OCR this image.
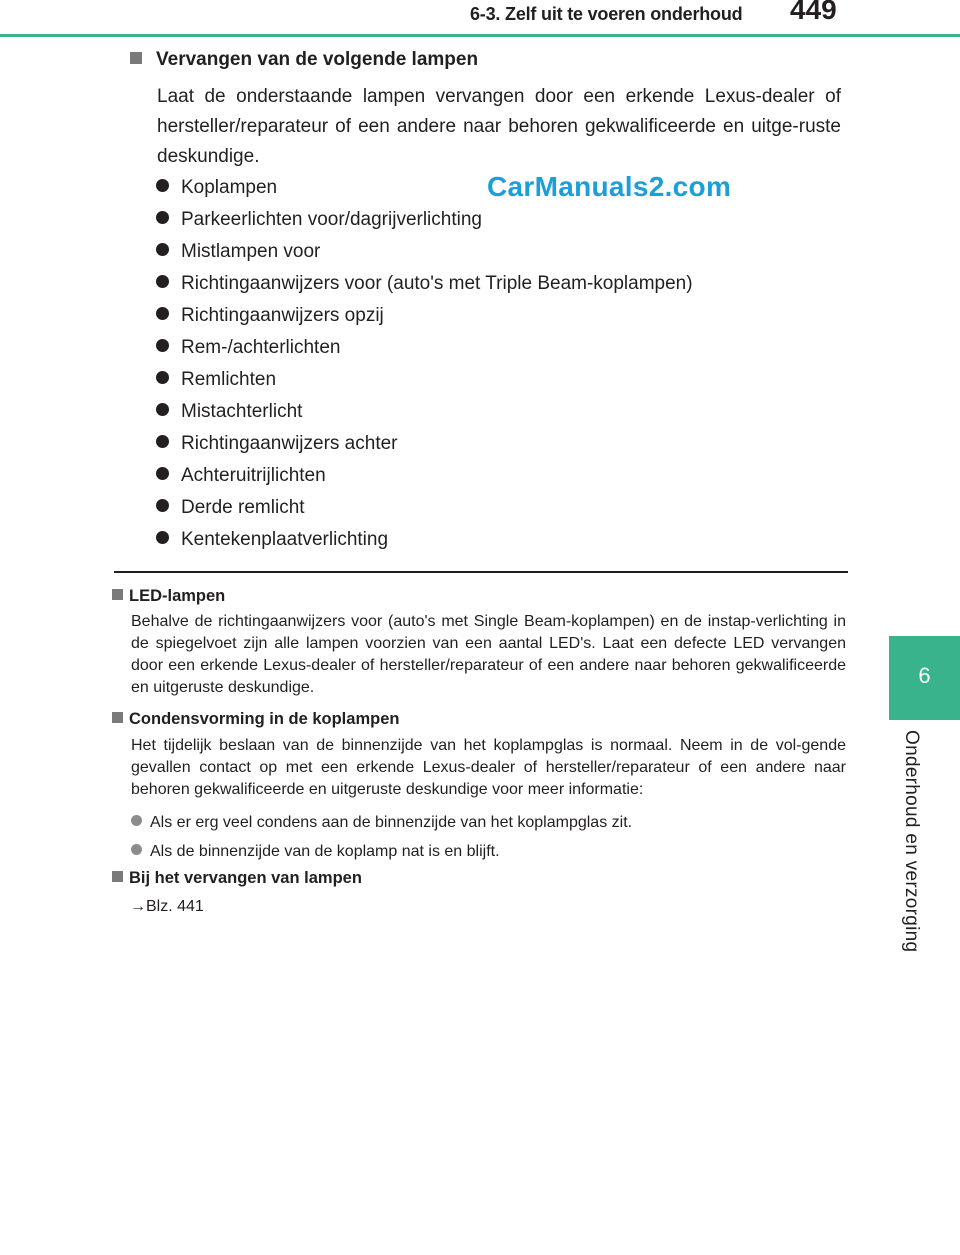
6-3. Zelf uit te voeren onderhoud	449
6
Onderhoud en verzorging
CarManuals2.com
Vervangen van de volgende lampen
Laat de onderstaande lampen vervangen door een erkende Lexus-dealer of hersteller/reparateur of een andere naar behoren gekwalificeerde en uitge-ruste deskundige.
Koplampen
Parkeerlichten voor/dagrijverlichting
Mistlampen voor
Richtingaanwijzers voor (auto's met Triple Beam-koplampen)
Richtingaanwijzers opzij
Rem-/achterlichten
Remlichten
Mistachterlicht
Richtingaanwijzers achter
Achteruitrijlichten
Derde remlicht
Kentekenplaatverlichting
LED-lampen
Behalve de richtingaanwijzers voor (auto's met Single Beam-koplampen) en de instap-verlichting in de spiegelvoet zijn alle lampen voorzien van een aantal LED's. Laat een defecte LED vervangen door een erkende Lexus-dealer of hersteller/reparateur of een andere naar behoren gekwalificeerde en uitgeruste deskundige.
Condensvorming in de koplampen
Het tijdelijk beslaan van de binnenzijde van het koplampglas is normaal. Neem in de vol-gende gevallen contact op met een erkende Lexus-dealer of hersteller/reparateur of een andere naar behoren gekwalificeerde en uitgeruste deskundige voor meer informatie:
Als er erg veel condens aan de binnenzijde van het koplampglas zit.
Als de binnenzijde van de koplamp nat is en blijft.
Bij het vervangen van lampen
→Blz. 441
